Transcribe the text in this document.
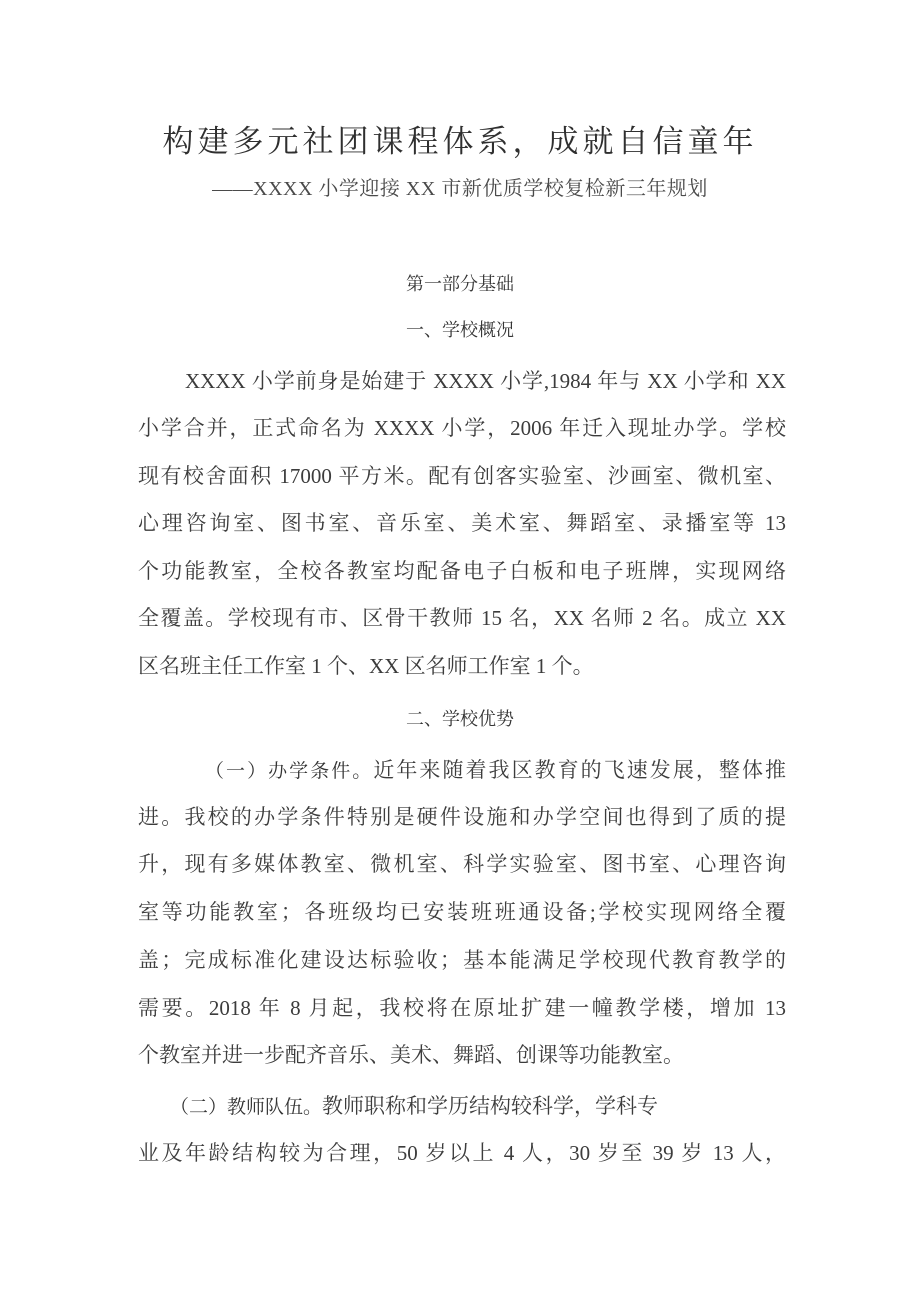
构建多元社团课程体系，成就自信童年
——XXXX 小学迎接 XX 市新优质学校复检新三年规划
第一部分基础
一、学校概况
XXXX 小学前身是始建于 XXXX 小学,1984 年与 XX 小学和 XX
小学合并，正式命名为 XXXX 小学，2006 年迁入现址办学。学校
现有校舍面积 17000 平方米。配有创客实验室、沙画室、微机室、
心理咨询室、图书室、音乐室、美术室、舞蹈室、录播室等 13
个功能教室，全校各教室均配备电子白板和电子班牌，实现网络
全覆盖。学校现有市、区骨干教师 15 名，XX 名师 2 名。成立 XX
区名班主任工作室 1 个、XX 区名师工作室 1 个。
二、学校优势
（一）办学条件。近年来随着我区教育的飞速发展，整体推
进。我校的办学条件特别是硬件设施和办学空间也得到了质的提
升，现有多媒体教室、微机室、科学实验室、图书室、心理咨询
室等功能教室；各班级均已安装班班通设备;学校实现网络全覆
盖；完成标准化建设达标验收；基本能满足学校现代教育教学的
需要。2018 年 8 月起，我校将在原址扩建一幢教学楼，增加 13
个教室并进一步配齐音乐、美术、舞蹈、创课等功能教室。
（二）教师队伍。教师职称和学历结构较科学，学科专
业及年龄结构较为合理，50 岁以上 4 人，30 岁至 39 岁 13 人，
